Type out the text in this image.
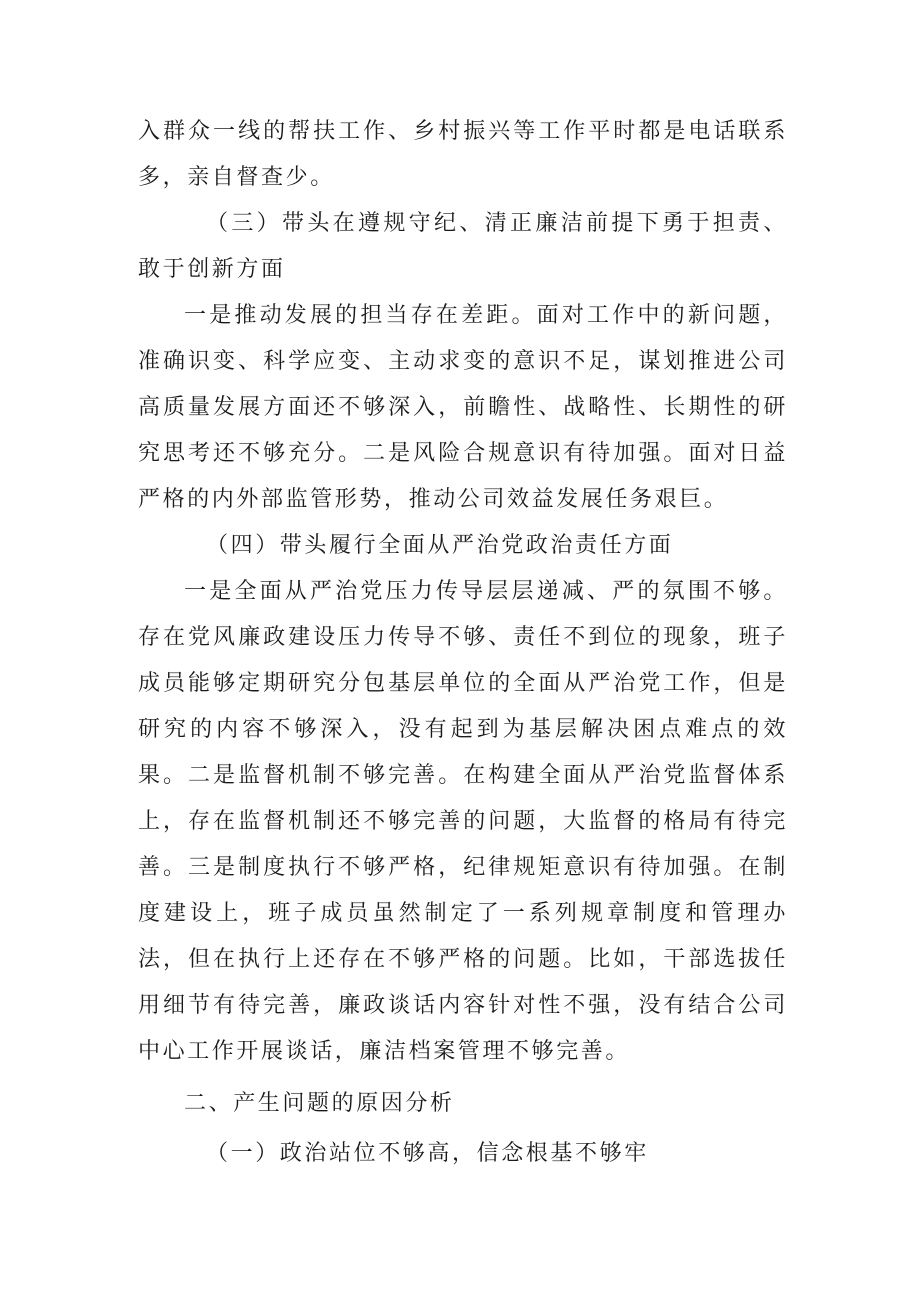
入群众一线的帮扶工作、乡村振兴等工作平时都是电话联系多，亲自督查少。

（三）带头在遵规守纪、清正廉洁前提下勇于担责、敢于创新方面

一是推动发展的担当存在差距。面对工作中的新问题，准确识变、科学应变、主动求变的意识不足，谋划推进公司高质量发展方面还不够深入，前瞻性、战略性、长期性的研究思考还不够充分。二是风险合规意识有待加强。面对日益严格的内外部监管形势，推动公司效益发展任务艰巨。

（四）带头履行全面从严治党政治责任方面

一是全面从严治党压力传导层层递减、严的氛围不够。存在党风廉政建设压力传导不够、责任不到位的现象，班子成员能够定期研究分包基层单位的全面从严治党工作，但是研究的内容不够深入，没有起到为基层解决困点难点的效果。二是监督机制不够完善。在构建全面从严治党监督体系上，存在监督机制还不够完善的问题，大监督的格局有待完善。三是制度执行不够严格，纪律规矩意识有待加强。在制度建设上，班子成员虽然制定了一系列规章制度和管理办法，但在执行上还存在不够严格的问题。比如，干部选拔任用细节有待完善，廉政谈话内容针对性不强，没有结合公司中心工作开展谈话，廉洁档案管理不够完善。

二、产生问题的原因分析

（一）政治站位不够高，信念根基不够牢
